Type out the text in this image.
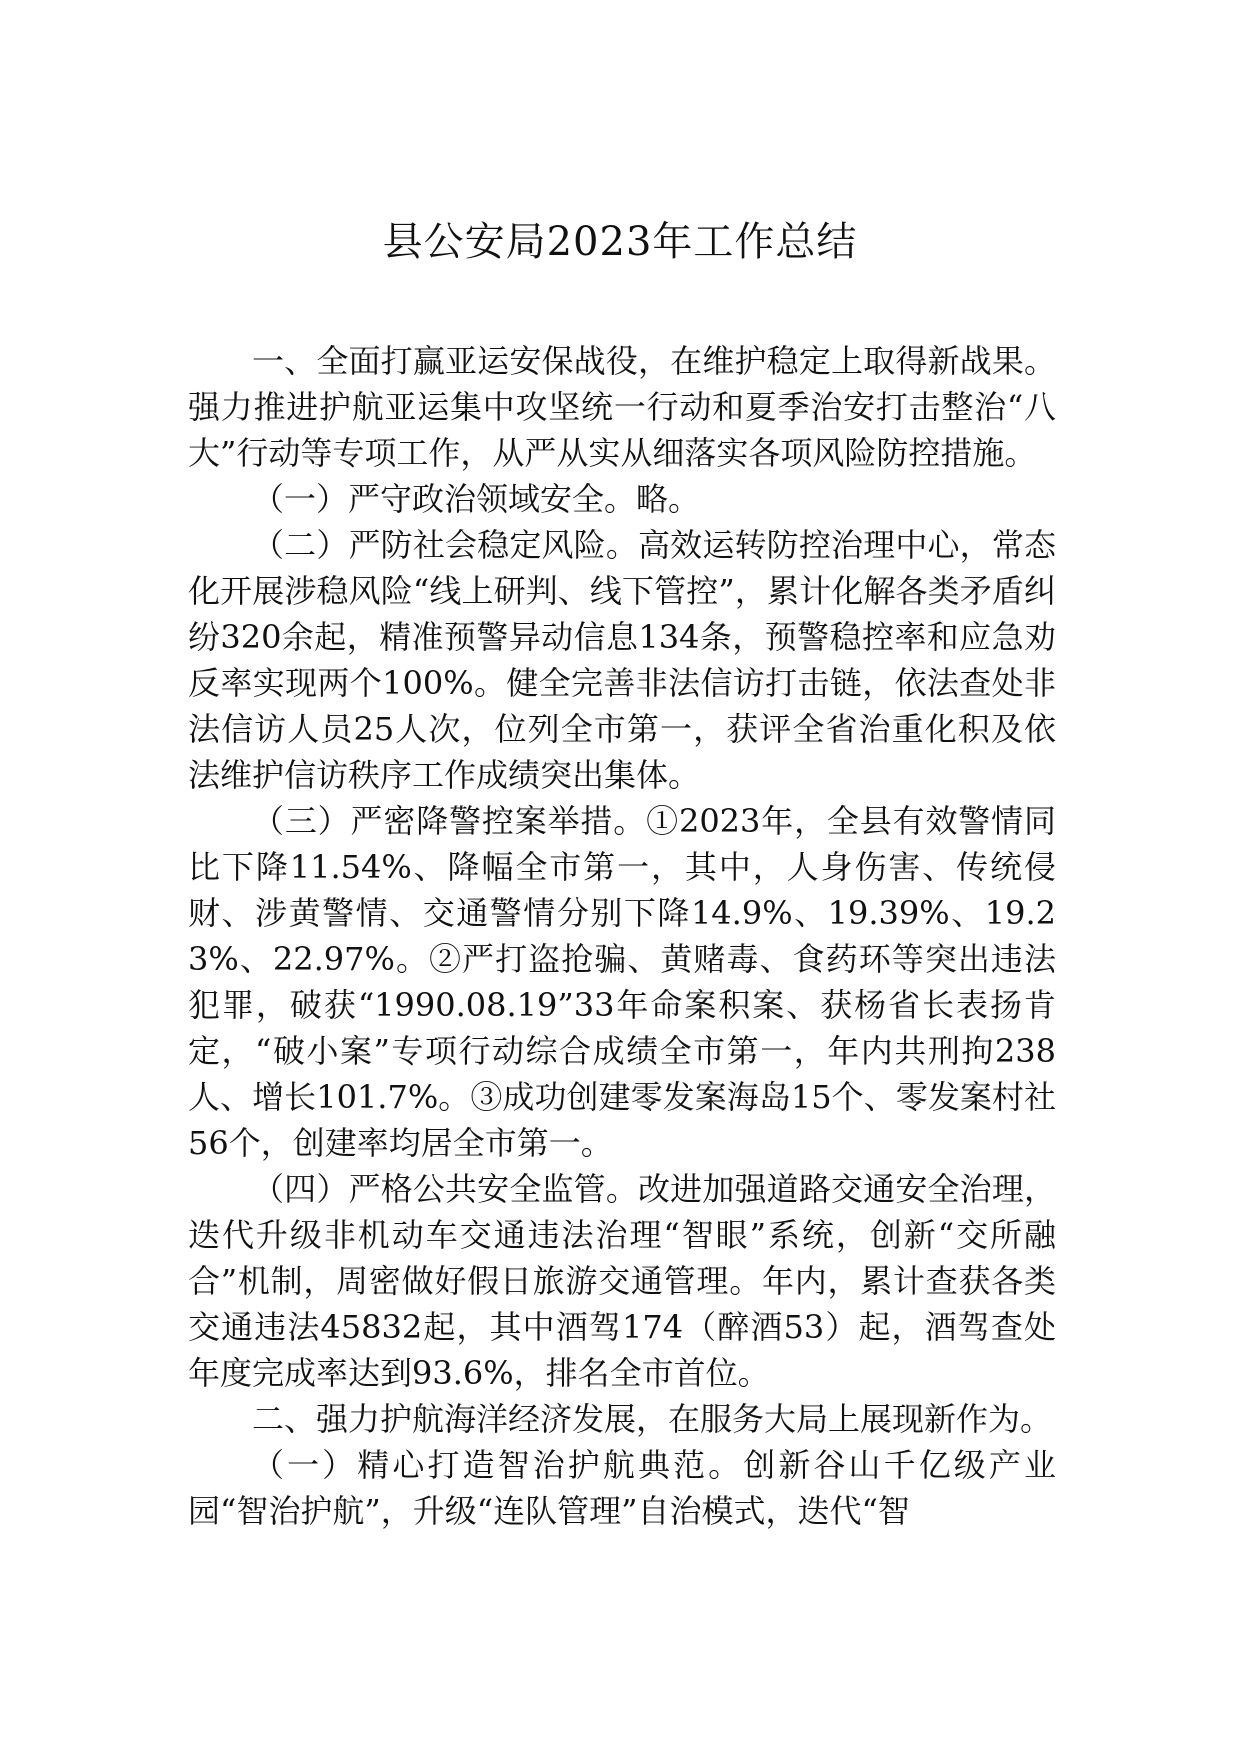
县公安局2023年工作总结

一、全面打赢亚运安保战役，在维护稳定上取得新战果。强力推进护航亚运集中攻坚统一行动和夏季治安打击整治“八大”行动等专项工作，从严从实从细落实各项风险防控措施。

（一）严守政治领域安全。略。

（二）严防社会稳定风险。高效运转防控治理中心，常态化开展涉稳风险“线上研判、线下管控”，累计化解各类矛盾纠纷320余起，精准预警异动信息134条，预警稳控率和应急劝反率实现两个100%。健全完善非法信访打击链，依法查处非法信访人员25人次，位列全市第一，获评全省治重化积及依法维护信访秩序工作成绩突出集体。

（三）严密降警控案举措。①2023年，全县有效警情同比下降11.54%、降幅全市第一，其中，人身伤害、传统侵财、涉黄警情、交通警情分别下降14.9%、19.39%、19.23%、22.97%。②严打盗抢骗、黄赌毒、食药环等突出违法犯罪，破获“1990.08.19”33年命案积案、获杨省长表扬肯定，“破小案”专项行动综合成绩全市第一，年内共刑拘238人、增长101.7%。③成功创建零发案海岛15个、零发案村社56个，创建率均居全市第一。

（四）严格公共安全监管。改进加强道路交通安全治理，迭代升级非机动车交通违法治理“智眼”系统，创新“交所融合”机制，周密做好假日旅游交通管理。年内，累计查获各类交通违法45832起，其中酒驾174（醉酒53）起，酒驾查处年度完成率达到93.6%，排名全市首位。

二、强力护航海洋经济发展，在服务大局上展现新作为。

（一）精心打造智治护航典范。创新谷山千亿级产业园“智治护航”，升级“连队管理”自治模式，迭代“智
